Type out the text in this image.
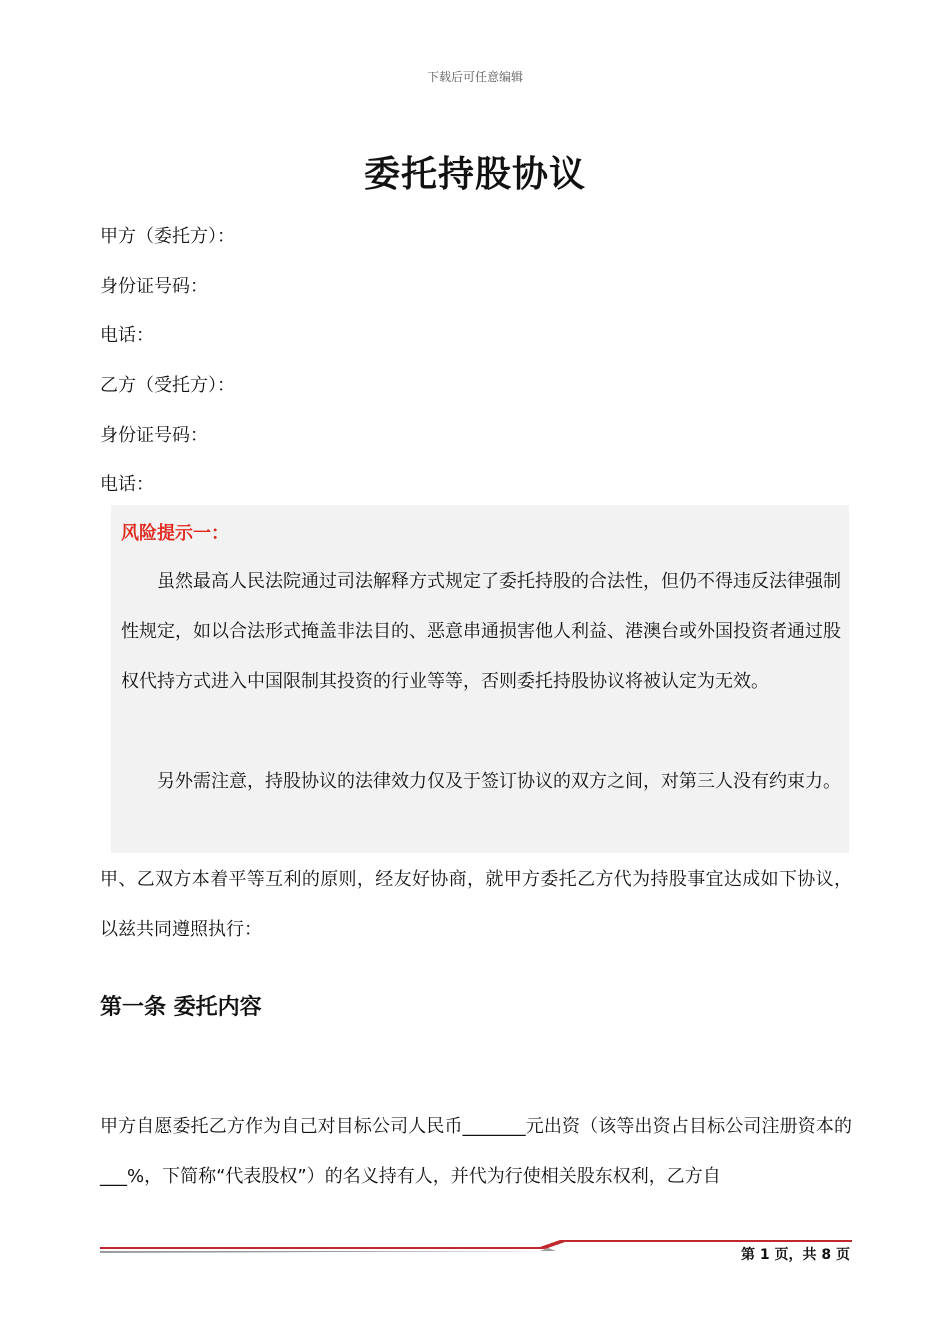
下载后可任意编辑
委托持股协议
甲方（委托方）：
身份证号码：
电话：
乙方（受托方）：
身份证号码：
电话：
风险提示一：
虽然最高人民法院通过司法解释方式规定了委托持股的合法性，但仍不得违反法律强制性规定，如以合法形式掩盖非法目的、恶意串通损害他人利益、港澳台或外国投资者通过股权代持方式进入中国限制其投资的行业等等，否则委托持股协议将被认定为无效。
另外需注意，持股协议的法律效力仅及于签订协议的双方之间，对第三人没有约束力。
甲、乙双方本着平等互利的原则，经友好协商，就甲方委托乙方代为持股事宜达成如下协议，以兹共同遵照执行：
第一条 委托内容
甲方自愿委托乙方作为自己对目标公司人民币_______元出资（该等出资占目标公司注册资本的___%，下简称“代表股权”）的名义持有人，并代为行使相关股东权利，乙方自
第 1 页，共 8 页
